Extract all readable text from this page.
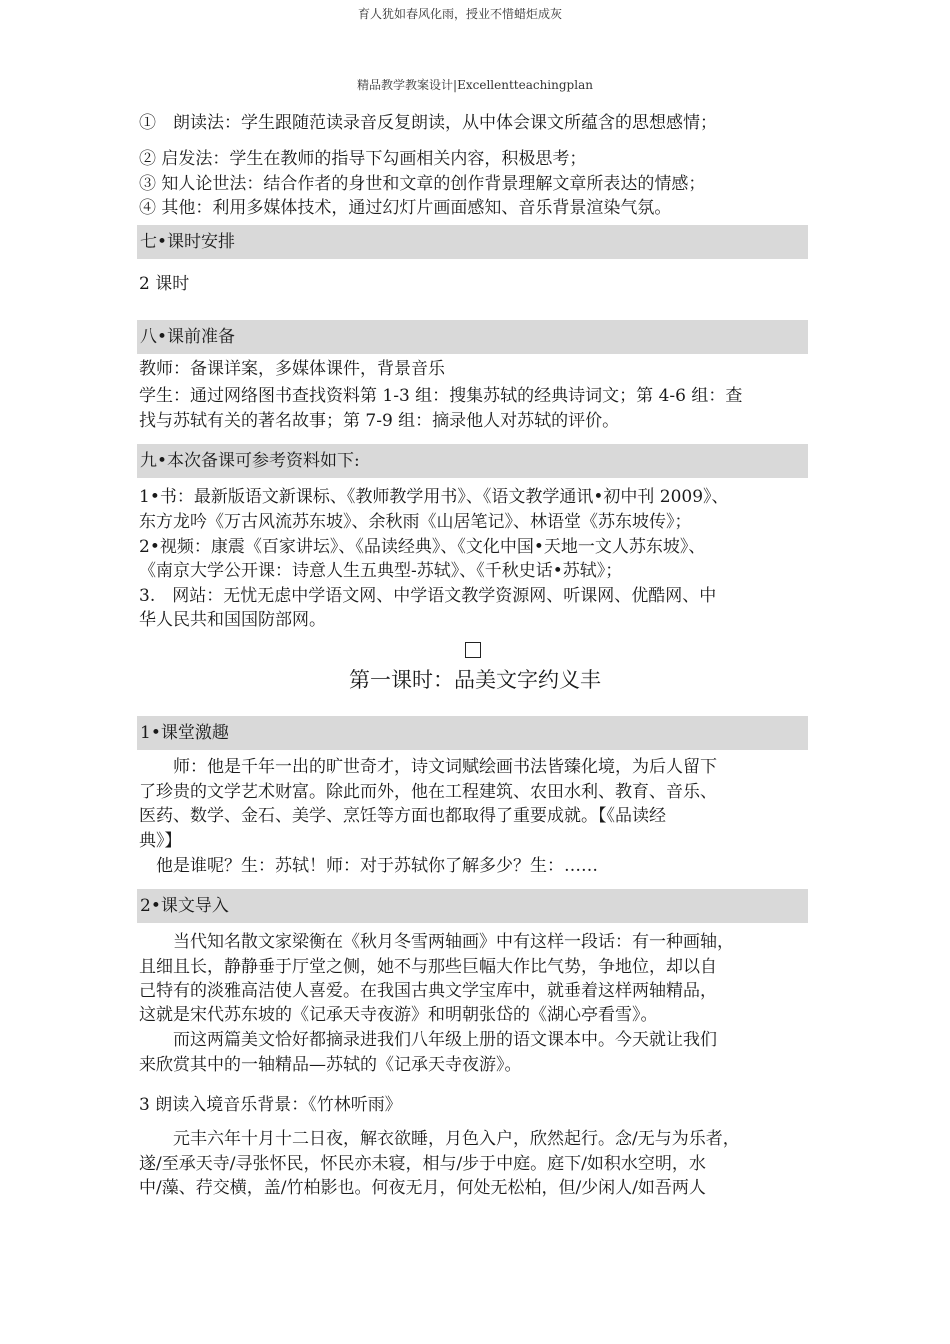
育人犹如春风化雨，授业不惜蜡炬成灰
精品教学教案设计|Excellentteachingplan
①　朗读法：学生跟随范读录音反复朗读，从中体会课文所蕴含的思想感情；
② 启发法：学生在教师的指导下勾画相关内容，积极思考；
③ 知人论世法：结合作者的身世和文章的创作背景理解文章所表达的情感；
④ 其他：利用多媒体技术，通过幻灯片画面感知、音乐背景渲染气氛。
七•课时安排
2 课时
八•课前准备
教师：备课详案，多媒体课件，背景音乐
学生：通过网络图书查找资料第 1-3 组：搜集苏轼的经典诗词文；第 4-6 组：查
找与苏轼有关的著名故事；第 7-9 组：摘录他人对苏轼的评价。
九•本次备课可参考资料如下:
1•书：最新版语文新课标、《教师教学用书》、《语文教学通讯•初中刊 2009》、
东方龙吟《万古风流苏东坡》、余秋雨《山居笔记》、林语堂《苏东坡传》；
2•视频：康震《百家讲坛》、《品读经典》、《文化中国•天地一文人苏东坡》、
《南京大学公开课：诗意人生五典型-苏轼》、《千秋史话•苏轼》；
3.　网站：无忧无虑中学语文网、中学语文教学资源网、听课网、优酷网、中
华人民共和国国防部网。
第一课时：品美文字约义丰
1•课堂激趣
　　师：他是千年一出的旷世奇才，诗文词赋绘画书法皆臻化境，为后人留下
了珍贵的文学艺术财富。除此而外，他在工程建筑、农田水利、教育、音乐、
医药、数学、金石、美学、烹饪等方面也都取得了重要成就。【《品读经
典》】
　他是谁呢？生：苏轼！师：对于苏轼你了解多少？生：……
2•课文导入
　　当代知名散文家梁衡在《秋月冬雪两轴画》中有这样一段话：有一种画轴，
且细且长，静静垂于厅堂之侧，她不与那些巨幅大作比气势，争地位，却以自
己特有的淡雅高洁使人喜爱。在我国古典文学宝库中，就垂着这样两轴精品，
这就是宋代苏东坡的《记承天寺夜游》和明朝张岱的《湖心亭看雪》。
　　而这两篇美文恰好都摘录进我们八年级上册的语文课本中。今天就让我们
来欣赏其中的一轴精品—苏轼的《记承天寺夜游》。
3 朗读入境音乐背景：《竹林听雨》
　　元丰六年十月十二日夜，解衣欲睡，月色入户，欣然起行。念/无与为乐者，
遂/至承天寺/寻张怀民，怀民亦未寝，相与/步于中庭。庭下/如积水空明，水
中/藻、荇交横，盖/竹柏影也。何夜无月，何处无松柏，但/少闲人/如吾两人
